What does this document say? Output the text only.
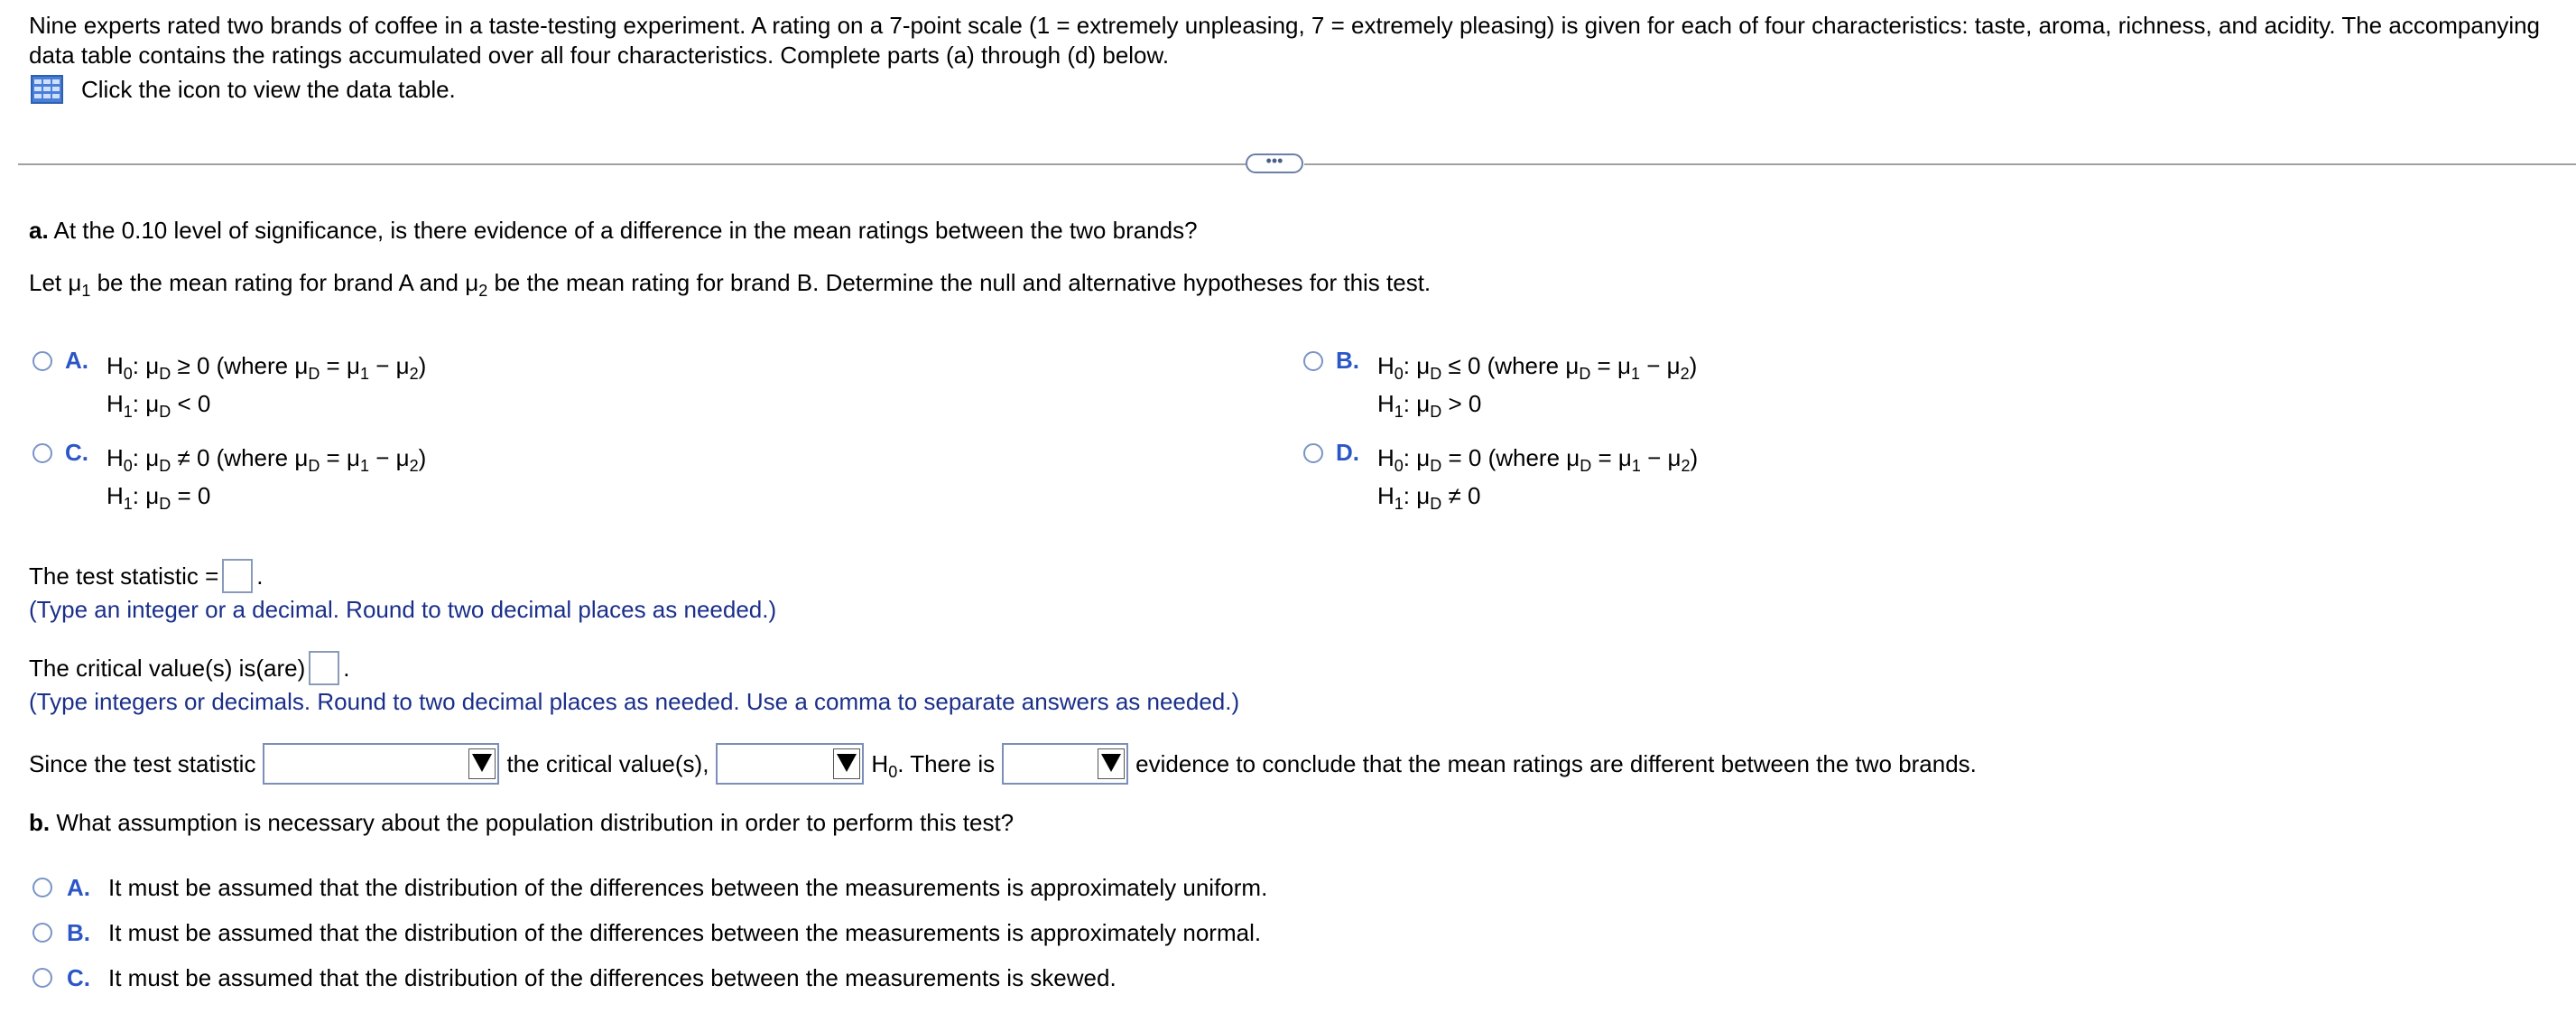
Nine experts rated two brands of coffee in a taste-testing experiment. A rating on a 7-point scale (1 = extremely unpleasing, 7 = extremely pleasing) is given for each of four characteristics: taste, aroma, richness, and acidity. The accompanying data table contains the ratings accumulated over all four characteristics. Complete parts (a) through (d) below.
Click the icon to view the data table.
•••
a. At the 0.10 level of significance, is there evidence of a difference in the mean ratings between the two brands?
Let $\mu_1$ be the mean rating for brand A and $\mu_2$ be the mean rating for brand B. Determine the null and alternative hypotheses for this test.
A. $H_0$: $\mu_D \ge 0$ (where $\mu_D = \mu_1 - \mu_2$)
$H_1$: $\mu_D < 0$
B. $H_0$: $\mu_D \le 0$ (where $\mu_D = \mu_1 - \mu_2$)
$H_1$: $\mu_D > 0$
C. $H_0$: $\mu_D \ne 0$ (where $\mu_D = \mu_1 - \mu_2$)
$H_1$: $\mu_D = 0$
D. $H_0$: $\mu_D = 0$ (where $\mu_D = \mu_1 - \mu_2$)
$H_1$: $\mu_D \ne 0$
The test statistic = .
(Type an integer or a decimal. Round to two decimal places as needed.)
The critical value(s) is(are) .
(Type integers or decimals. Round to two decimal places as needed. Use a comma to separate answers as needed.)
Since the test statistic	the critical value(s),	$H_0$. There is	evidence to conclude that the mean ratings are different between the two brands.
b. What assumption is necessary about the population distribution in order to perform this test?
A. It must be assumed that the distribution of the differences between the measurements is approximately uniform.
B. It must be assumed that the distribution of the differences between the measurements is approximately normal.
C. It must be assumed that the distribution of the differences between the measurements is skewed.
